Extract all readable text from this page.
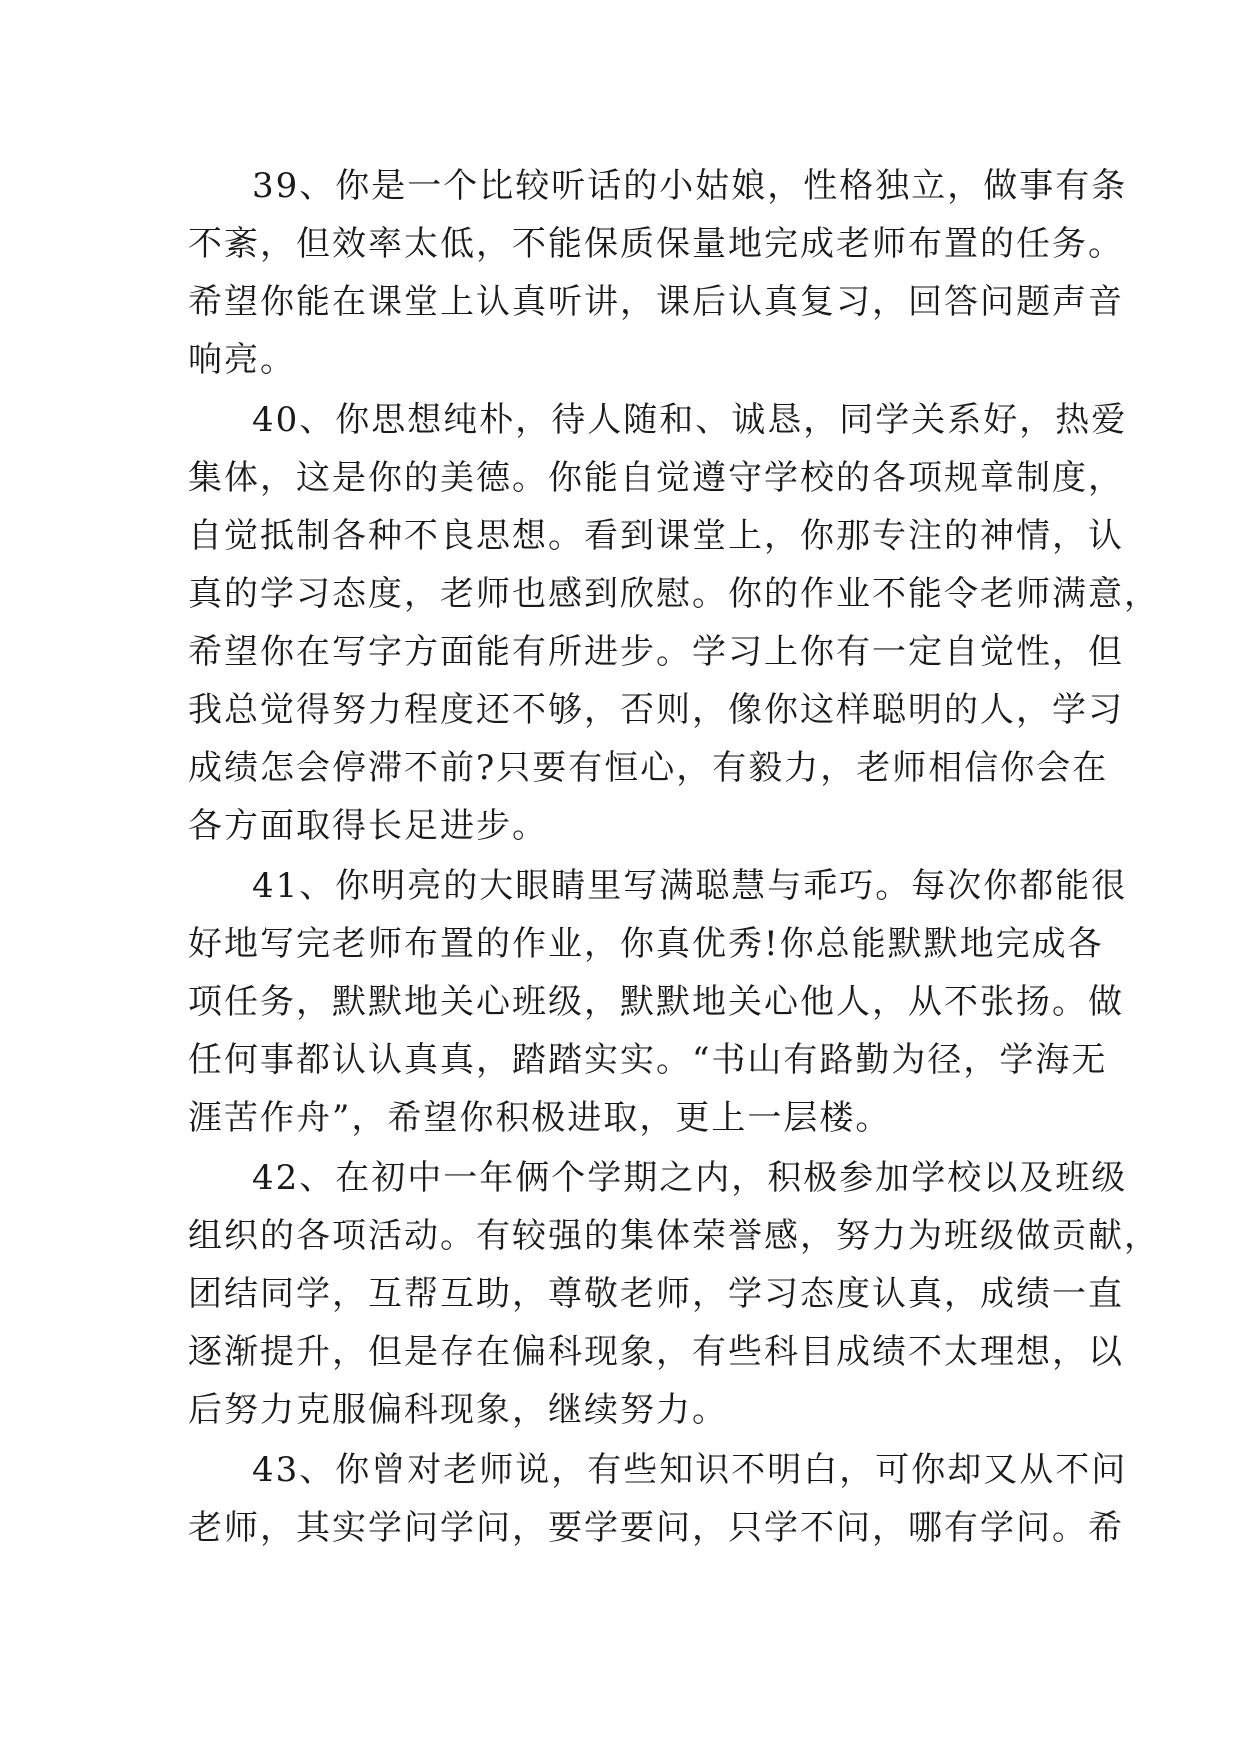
39、你是一个比较听话的小姑娘，性格独立，做事有条
不紊，但效率太低，不能保质保量地完成老师布置的任务。
希望你能在课堂上认真听讲，课后认真复习，回答问题声音
响亮。
40、你思想纯朴，待人随和、诚恳，同学关系好，热爱
集体，这是你的美德。你能自觉遵守学校的各项规章制度，
自觉抵制各种不良思想。看到课堂上，你那专注的神情，认
真的学习态度，老师也感到欣慰。你的作业不能令老师满意，
希望你在写字方面能有所进步。学习上你有一定自觉性，但
我总觉得努力程度还不够，否则，像你这样聪明的人，学习
成绩怎会停滞不前?只要有恒心，有毅力，老师相信你会在
各方面取得长足进步。
41、你明亮的大眼睛里写满聪慧与乖巧。每次你都能很
好地写完老师布置的作业，你真优秀!你总能默默地完成各
项任务，默默地关心班级，默默地关心他人，从不张扬。做
任何事都认认真真，踏踏实实。“书山有路勤为径，学海无
涯苦作舟”，希望你积极进取，更上一层楼。
42、在初中一年俩个学期之内，积极参加学校以及班级
组织的各项活动。有较强的集体荣誉感，努力为班级做贡献，
团结同学，互帮互助，尊敬老师，学习态度认真，成绩一直
逐渐提升，但是存在偏科现象，有些科目成绩不太理想，以
后努力克服偏科现象，继续努力。
43、你曾对老师说，有些知识不明白，可你却又从不问
老师，其实学问学问，要学要问，只学不问，哪有学问。希
